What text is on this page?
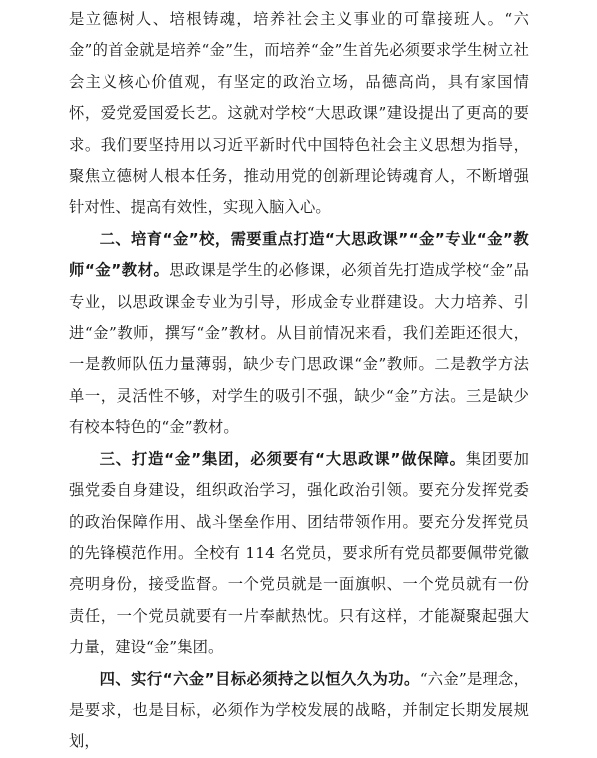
是立德树人、培根铸魂，培养社会主义事业的可靠接班人。“六金”的首金就是培养“金”生，而培养“金”生首先必须要求学生树立社会主义核心价值观，有坚定的政治立场，品德高尚，具有家国情怀，爱党爱国爱长艺。这就对学校“大思政课”建设提出了更高的要求。我们要坚持用以习近平新时代中国特色社会主义思想为指导，聚焦立德树人根本任务，推动用党的创新理论铸魂育人，不断增强针对性、提高有效性，实现入脑入心。

二、培育“金”校，需要重点打造“大思政课”“金”专业“金”教师“金”教材。思政课是学生的必修课，必须首先打造成学校“金”品专业，以思政课金专业为引导，形成金专业群建设。大力培养、引进“金”教师，撰写“金”教材。从目前情况来看，我们差距还很大，一是教师队伍力量薄弱，缺少专门思政课“金”教师。二是教学方法单一，灵活性不够，对学生的吸引不强，缺少“金”方法。三是缺少有校本特色的“金”教材。

三、打造“金”集团，必须要有“大思政课”做保障。集团要加强党委自身建设，组织政治学习，强化政治引领。要充分发挥党委的政治保障作用、战斗堡垒作用、团结带领作用。要充分发挥党员的先锋模范作用。全校有 114 名党员，要求所有党员都要佩带党徽亮明身份，接受监督。一个党员就是一面旗帜、一个党员就有一份责任，一个党员就要有一片奉献热忱。只有这样，才能凝聚起强大力量，建设“金”集团。

四、实行“六金”目标必须持之以恒久久为功。“六金”是理念，是要求，也是目标，必须作为学校发展的战略，并制定长期发展规划，
